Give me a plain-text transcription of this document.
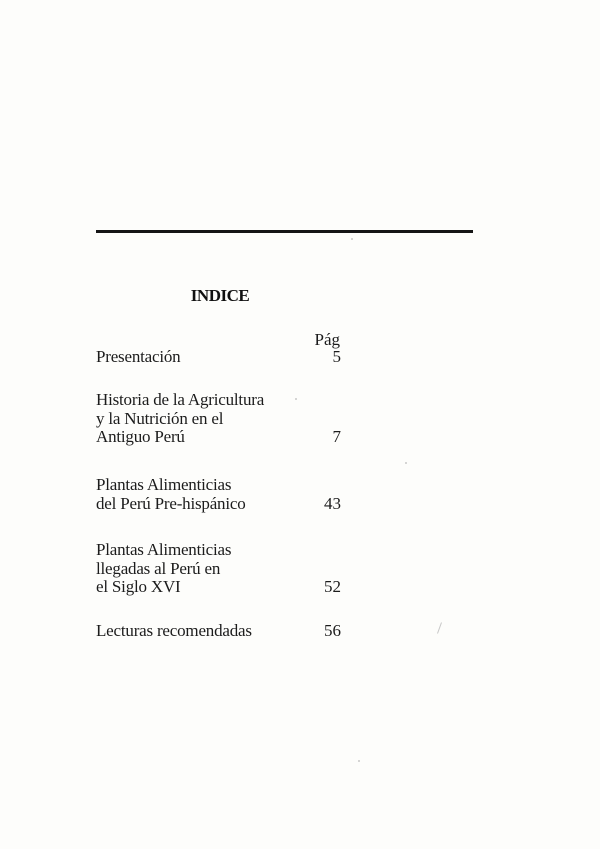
INDICE
Pág
Presentación	5
Historia de la Agricultura
y la Nutrición en el
Antiguo Perú	7
Plantas Alimenticias
del Perú Pre-hispánico	43
Plantas Alimenticias
llegadas al Perú en
el Siglo XVI	52
Lecturas recomendadas	56
